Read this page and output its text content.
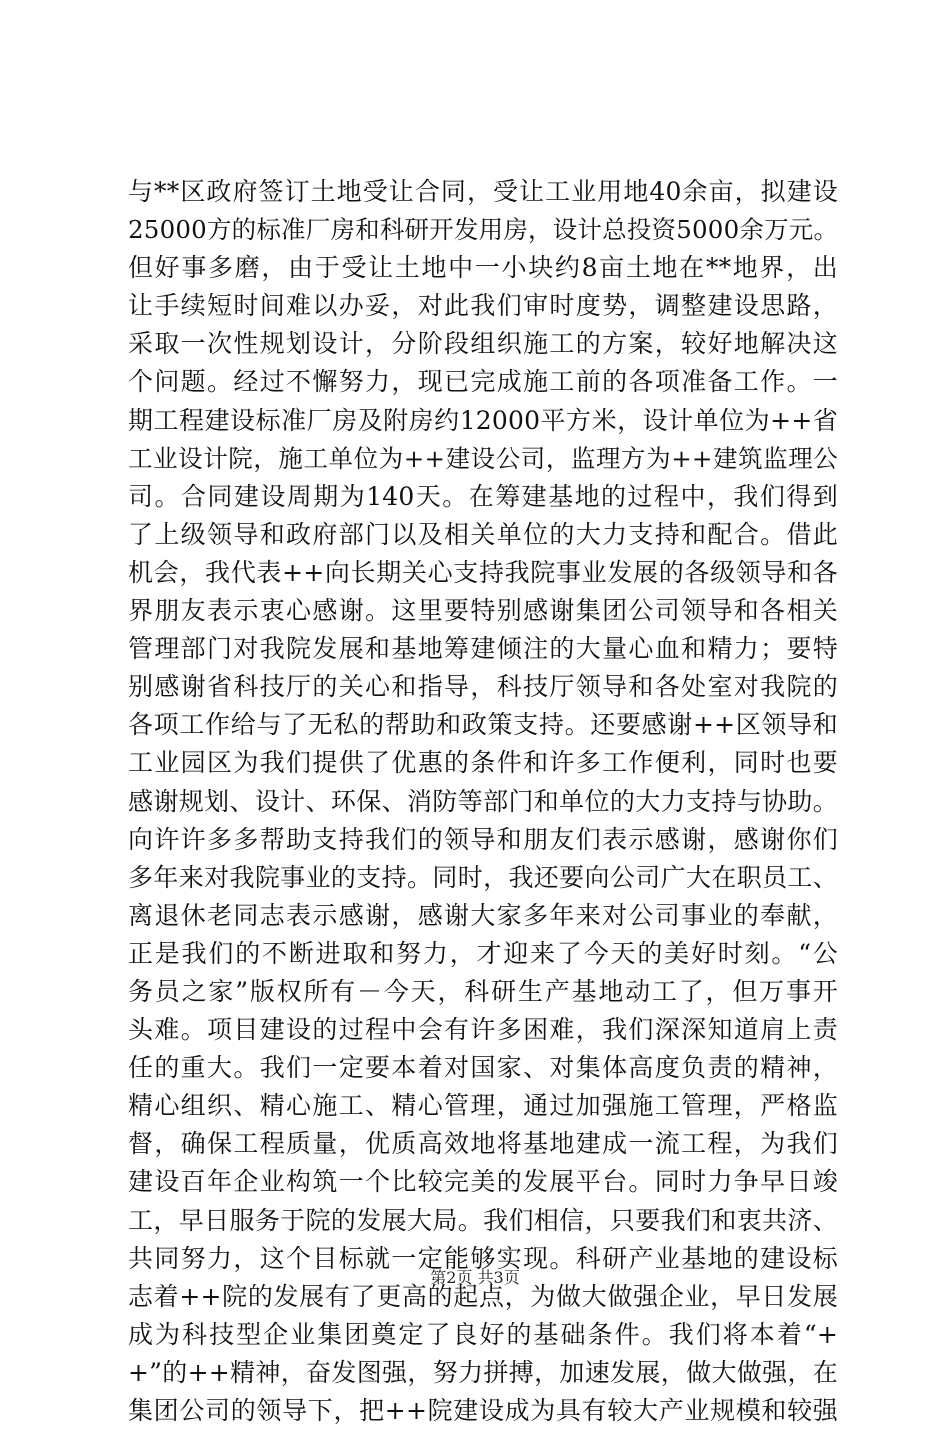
与**区政府签订土地受让合同，受让工业用地40余亩，拟建设
25000方的标准厂房和科研开发用房，设计总投资5000余万元。
但好事多磨，由于受让土地中一小块约8亩土地在**地界，出
让手续短时间难以办妥，对此我们审时度势，调整建设思路，
采取一次性规划设计，分阶段组织施工的方案，较好地解决这
个问题。经过不懈努力，现已完成施工前的各项准备工作。一
期工程建设标准厂房及附房约12000平方米，设计单位为++省
工业设计院，施工单位为++建设公司，监理方为++建筑监理公
司。合同建设周期为140天。在筹建基地的过程中，我们得到
了上级领导和政府部门以及相关单位的大力支持和配合。借此
机会，我代表++向长期关心支持我院事业发展的各级领导和各
界朋友表示衷心感谢。这里要特别感谢集团公司领导和各相关
管理部门对我院发展和基地筹建倾注的大量心血和精力；要特
别感谢省科技厅的关心和指导，科技厅领导和各处室对我院的
各项工作给与了无私的帮助和政策支持。还要感谢++区领导和
工业园区为我们提供了优惠的条件和许多工作便利，同时也要
感谢规划、设计、环保、消防等部门和单位的大力支持与协助。
向许许多多帮助支持我们的领导和朋友们表示感谢，感谢你们
多年来对我院事业的支持。同时，我还要向公司广大在职员工、
离退休老同志表示感谢，感谢大家多年来对公司事业的奉献，
正是我们的不断进取和努力，才迎来了今天的美好时刻。“公
务员之家”版权所有－今天，科研生产基地动工了，但万事开
头难。项目建设的过程中会有许多困难，我们深深知道肩上责
任的重大。我们一定要本着对国家、对集体高度负责的精神，
精心组织、精心施工、精心管理，通过加强施工管理，严格监
督，确保工程质量，优质高效地将基地建成一流工程，为我们
建设百年企业构筑一个比较完美的发展平台。同时力争早日竣
工，早日服务于院的发展大局。我们相信，只要我们和衷共济、
共同努力，这个目标就一定能够实现。科研产业基地的建设标
志着++院的发展有了更高的起点，为做大做强企业，早日发展
成为科技型企业集团奠定了良好的基础条件。我们将本着“+
+”的++精神，奋发图强，努力拼搏，加速发展，做大做强，在
集团公司的领导下，把++院建设成为具有较大产业规模和较强
第2页 共3页
